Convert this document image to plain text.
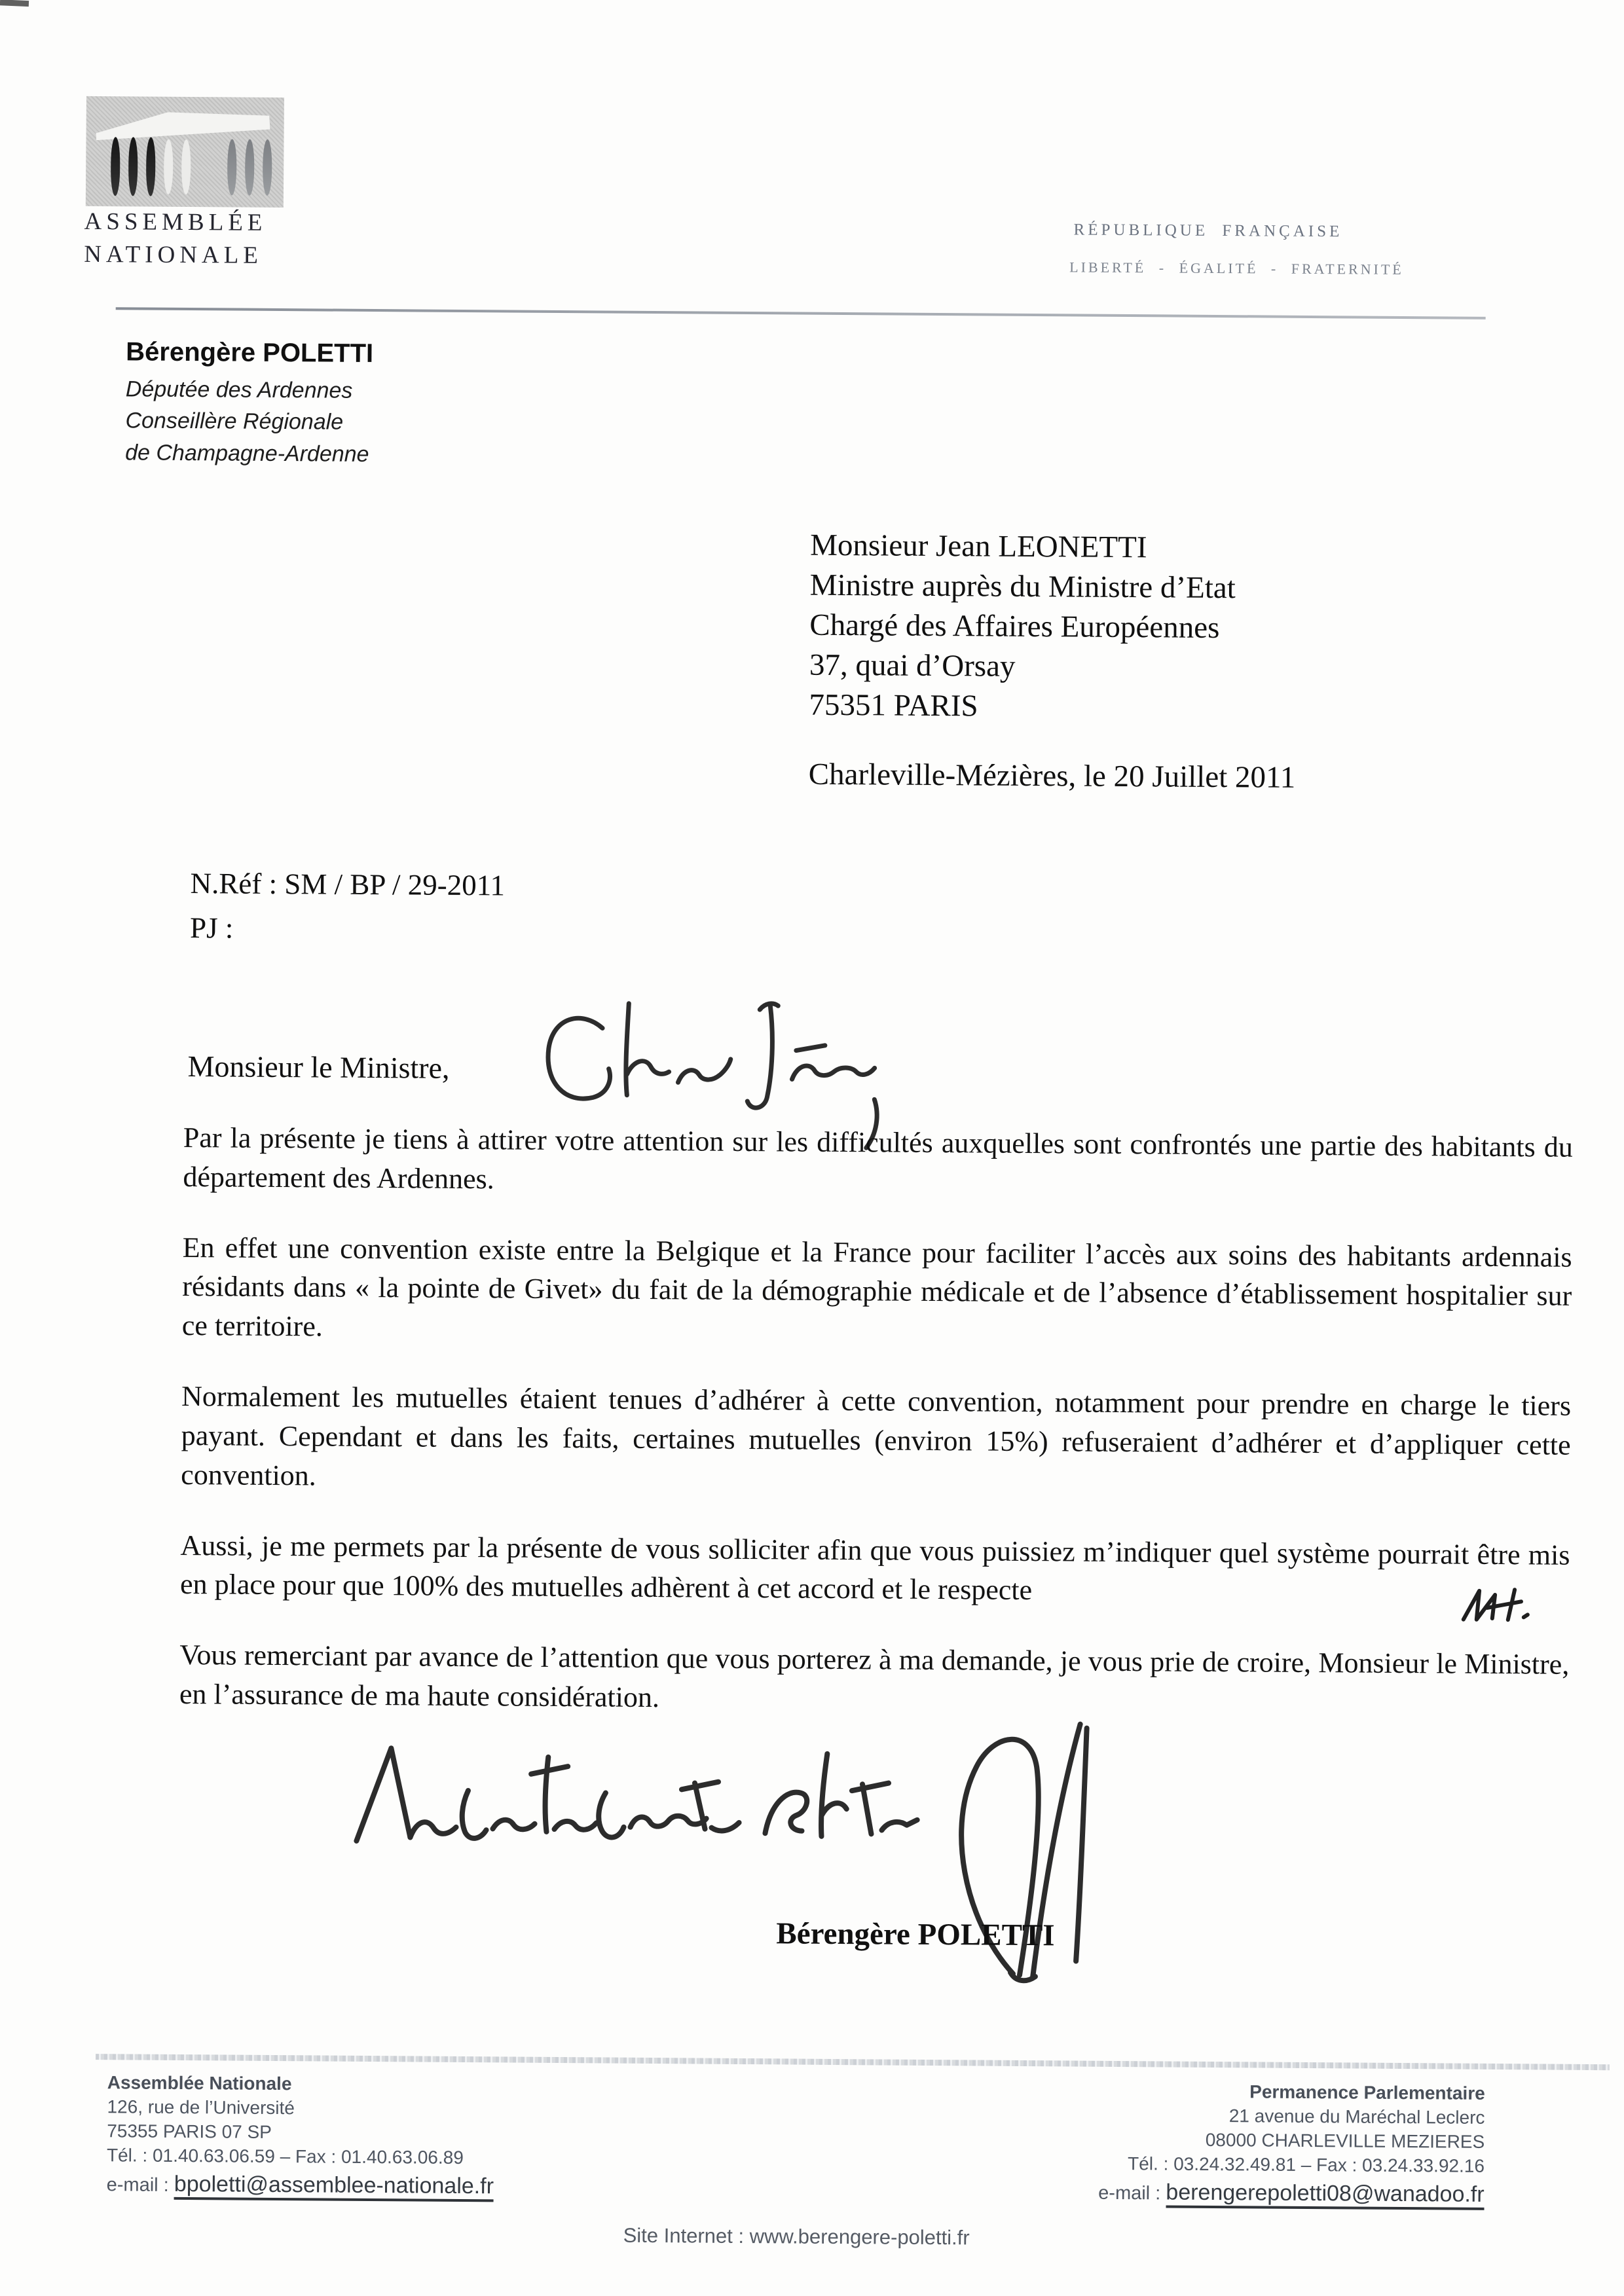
ASSEMBLÉE
NATIONALE
RÉPUBLIQUE FRANÇAISE
LIBERTÉ - ÉGALITÉ - FRATERNITÉ
Bérengère POLETTI
Députée des Ardennes
Conseillère Régionale
de Champagne-Ardenne
Monsieur Jean LEONETTI
Ministre auprès du Ministre d’Etat
Chargé des Affaires Européennes
37, quai d’Orsay
75351 PARIS
Charleville-Mézières, le 20 Juillet 2011
N.Réf : SM / BP / 29-2011
PJ :
Monsieur le Ministre,

Par la présente je tiens à attirer votre attention sur les difficultés auxquelles sont confrontés une partie des habitants du département des Ardennes.

En effet une convention existe entre la Belgique et la France pour faciliter l’accès aux soins des habitants ardennais résidants dans « la pointe de Givet» du fait de la démographie médicale et de l’absence d’établissement hospitalier sur ce territoire.

Normalement les mutuelles étaient tenues d’adhérer à cette convention, notamment pour prendre en charge le tiers payant. Cependant et dans les faits, certaines mutuelles (environ 15%) refuseraient d’adhérer et d’appliquer cette convention.

Aussi, je me permets par la présente de vous solliciter afin que vous puissiez m’indiquer quel système pourrait être mis en place pour que 100% des mutuelles adhèrent à cet accord et le respecte

Vous remerciant par avance de l’attention que vous porterez à ma demande, je vous prie de croire, Monsieur le Ministre, en l’assurance de ma haute considération.

Bérengère POLETTI
Assemblée Nationale
126, rue de l’Université
75355 PARIS 07 SP
Tél. : 01.40.63.06.59 – Fax : 01.40.63.06.89
e-mail : bpoletti@assemblee-nationale.fr
Permanence Parlementaire
21 avenue du Maréchal Leclerc
08000 CHARLEVILLE MEZIERES
Tél. : 03.24.32.49.81 – Fax : 03.24.33.92.16
e-mail : berengerepoletti08@wanadoo.fr
Site Internet : www.berengere-poletti.fr
